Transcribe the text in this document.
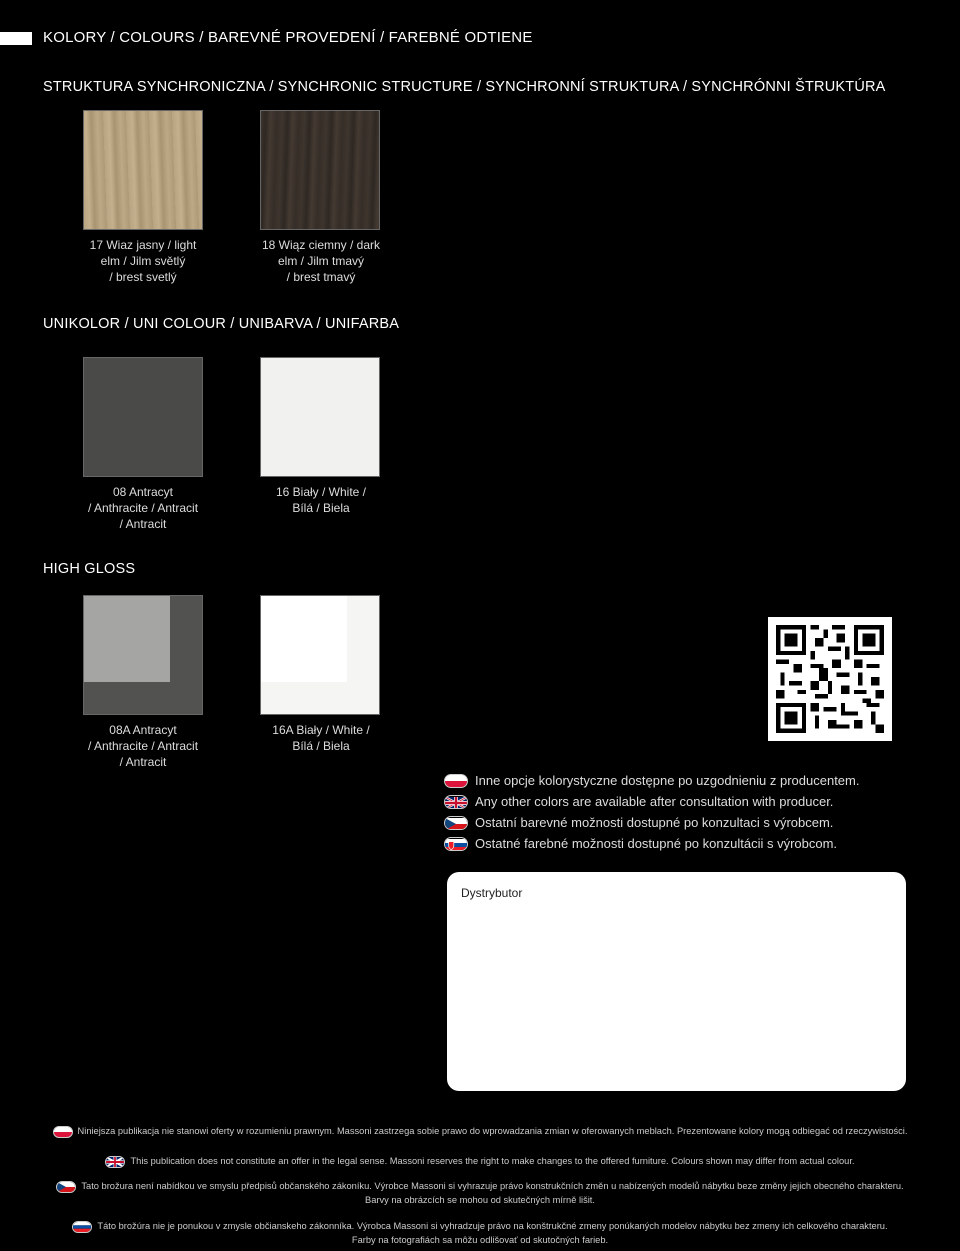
KOLORY / COLOURS / BAREVNÉ PROVEDENÍ / FAREBNÉ ODTIENE
STRUKTURA SYNCHRONICZNA / SYNCHRONIC STRUCTURE / SYNCHRONNÍ STRUKTURA / SYNCHRÓNNI ŠTRUKTÚRA
17 Wiaz jasny / light
elm / Jilm světlý
/ brest svetlý
18 Wiąz ciemny / dark
elm / Jilm tmavý
/ brest tmavý
UNIKOLOR / UNI COLOUR / UNIBARVA / UNIFARBA
08 Antracyt
/ Anthracite / Antracit
/ Antracit
16 Biały / White /
Bílá / Biela
HIGH GLOSS
08A Antracyt
/ Anthracite / Antracit
/ Antracit
16A Biały / White /
Bílá / Biela
Inne opcje kolorystyczne dostępne po uzgodnieniu z producentem.
Any other colors are available after consultation with producer.
Ostatní barevné možnosti dostupné po konzultaci s výrobcem.
Ostatné farebné možnosti dostupné po konzultácii s výrobcom.
Dystrybutor
Niniejsza publikacja nie stanowi oferty w rozumieniu prawnym. Massoni zastrzega sobie prawo do wprowadzania zmian w oferowanych meblach. Prezentowane kolory mogą odbiegać od rzeczywistości.
This publication does not constitute an offer in the legal sense. Massoni reserves the right to make changes to the offered furniture. Colours shown may differ from actual colour.
Tato brožura není nabídkou ve smyslu předpisů občanského zákoníku. Výrobce Massoni si vyhrazuje právo konstrukčních změn u nabízených modelů nábytku beze změny jejich obecného charakteru.
Barvy na obrázcích se mohou od skutečných mírně lišit.
Táto brožúra nie je ponukou v zmysle občianskeho zákonníka. Výrobca Massoni si vyhradzuje právo na konštrukčné zmeny ponúkaných modelov nábytku bez zmeny ich celkového charakteru.
Farby na fotografiách sa môžu odlišovať od skutočných farieb.
